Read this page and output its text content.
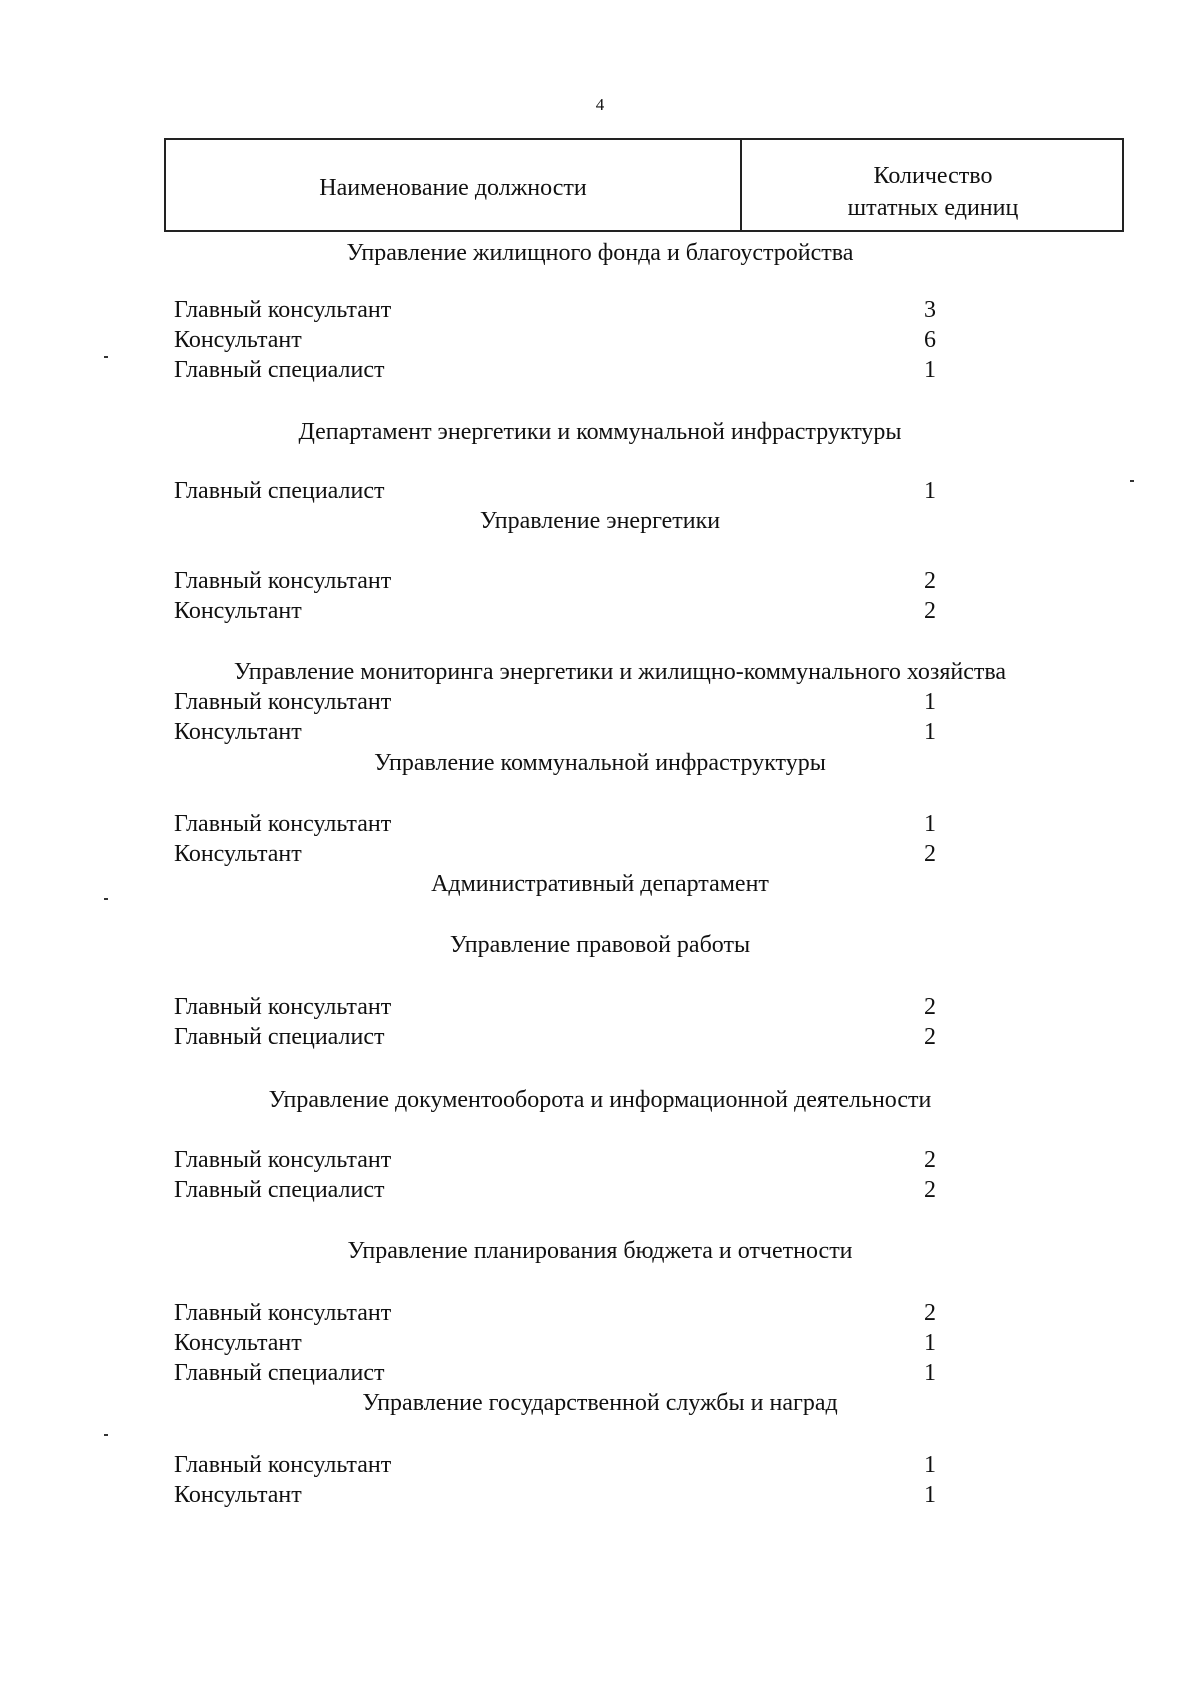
4
Наименование должности	Количество
штатных единиц
Управление жилищного фонда и благоустройства
Главный консультант	3
Консультант	6
Главный специалист	1
Департамент энергетики и коммунальной инфраструктуры
Главный специалист	1
Управление энергетики
Главный консультант	2
Консультант	2
Управление мониторинга энергетики и жилищно-коммунального хозяйства
Главный консультант	1
Консультант	1
Управление коммунальной инфраструктуры
Главный консультант	1
Консультант	2
Административный департамент
Управление правовой работы
Главный консультант	2
Главный специалист	2
Управление документооборота и информационной деятельности
Главный консультант	2
Главный специалист	2
Управление планирования бюджета и отчетности
Главный консультант	2
Консультант	1
Главный специалист	1
Управление государственной службы и наград
Главный консультант	1
Консультант	1
